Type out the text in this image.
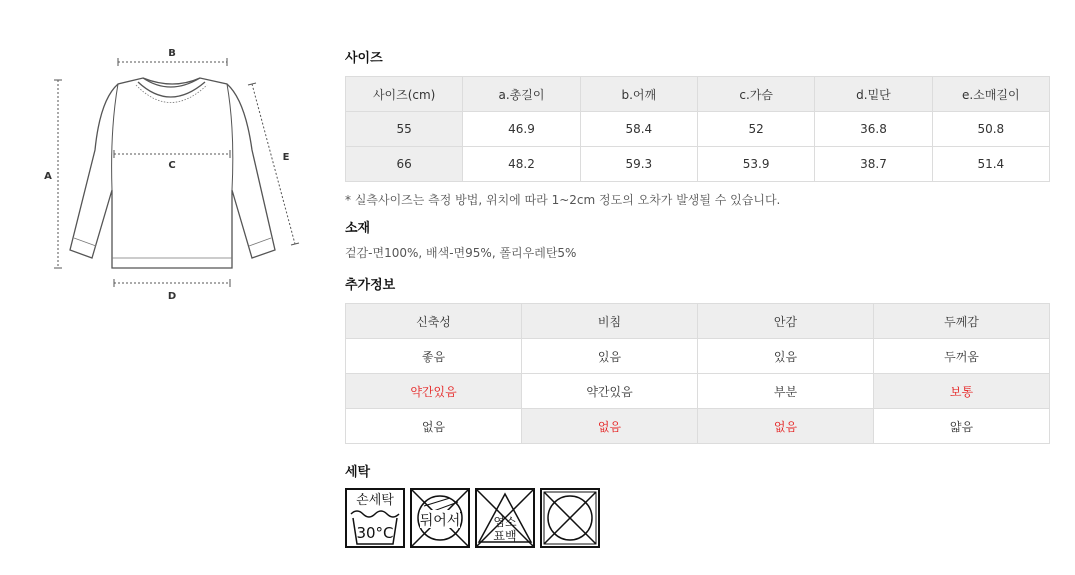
B
C
A
D
E
사이즈
사이즈(cm)	a.총길이	b.어깨	c.가슴	d.밑단	e.소매길이
55	46.9	58.4	52	36.8	50.8
66	48.2	59.3	53.9	38.7	51.4
* 실측사이즈는 측정 방법, 위치에 따라 1~2cm 정도의 오차가 발생될 수 있습니다.
소재
겉감-면100%, 배색-면95%, 폴리우레탄5%
추가정보
신축성	비침	안감	두께감
좋음	있음	있음	두꺼움
약간있음	약간있음	부분	보통
없음	없음	없음	얇음
세탁
손세탁
30°C
뒤어서	염소
표백
